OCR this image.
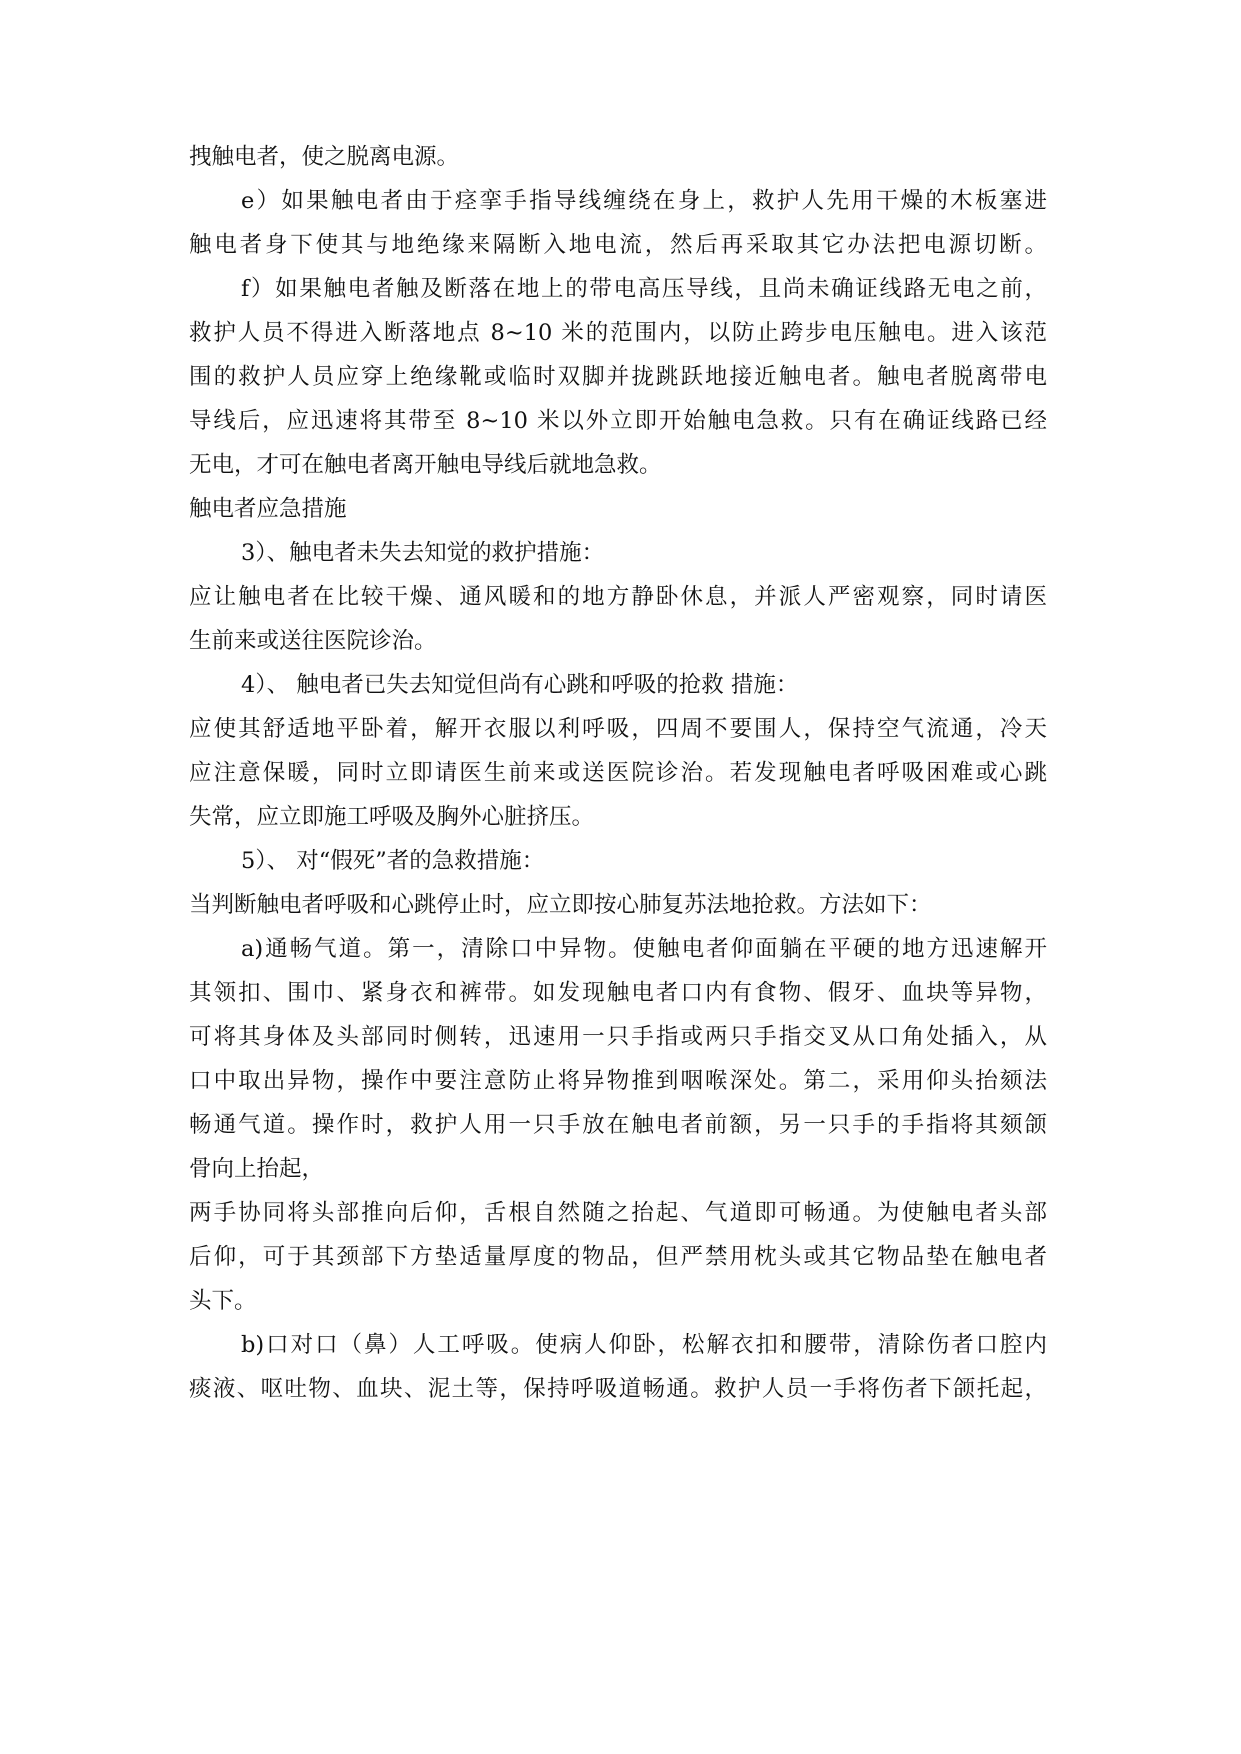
拽触电者，使之脱离电源。
e）如果触电者由于痉挛手指导线缠绕在身上，救护人先用干燥的木板塞进
触电者身下使其与地绝缘来隔断入地电流，然后再采取其它办法把电源切断。
f）如果触电者触及断落在地上的带电高压导线，且尚未确证线路无电之前，
救护人员不得进入断落地点 8~10 米的范围内，以防止跨步电压触电。进入该范
围的救护人员应穿上绝缘靴或临时双脚并拢跳跃地接近触电者。触电者脱离带电
导线后，应迅速将其带至 8~10 米以外立即开始触电急救。只有在确证线路已经
无电，才可在触电者离开触电导线后就地急救。
触电者应急措施
3）、触电者未失去知觉的救护措施：
应让触电者在比较干燥、通风暖和的地方静卧休息，并派人严密观察，同时请医
生前来或送往医院诊治。
4）、 触电者已失去知觉但尚有心跳和呼吸的抢救 措施：
应使其舒适地平卧着，解开衣服以利呼吸，四周不要围人，保持空气流通，冷天
应注意保暖，同时立即请医生前来或送医院诊治。若发现触电者呼吸困难或心跳
失常，应立即施工呼吸及胸外心脏挤压。
5）、 对“假死”者的急救措施：
当判断触电者呼吸和心跳停止时，应立即按心肺复苏法地抢救。方法如下：
a)通畅气道。第一，清除口中异物。使触电者仰面躺在平硬的地方迅速解开
其领扣、围巾、紧身衣和裤带。如发现触电者口内有食物、假牙、血块等异物，
可将其身体及头部同时侧转，迅速用一只手指或两只手指交叉从口角处插入，从
口中取出异物，操作中要注意防止将异物推到咽喉深处。第二，采用仰头抬颏法
畅通气道。操作时，救护人用一只手放在触电者前额，另一只手的手指将其颏颌
骨向上抬起，
两手协同将头部推向后仰，舌根自然随之抬起、气道即可畅通。为使触电者头部
后仰，可于其颈部下方垫适量厚度的物品，但严禁用枕头或其它物品垫在触电者
头下。
b)口对口（鼻）人工呼吸。使病人仰卧，松解衣扣和腰带，清除伤者口腔内
痰液、呕吐物、血块、泥土等，保持呼吸道畅通。救护人员一手将伤者下颌托起，
